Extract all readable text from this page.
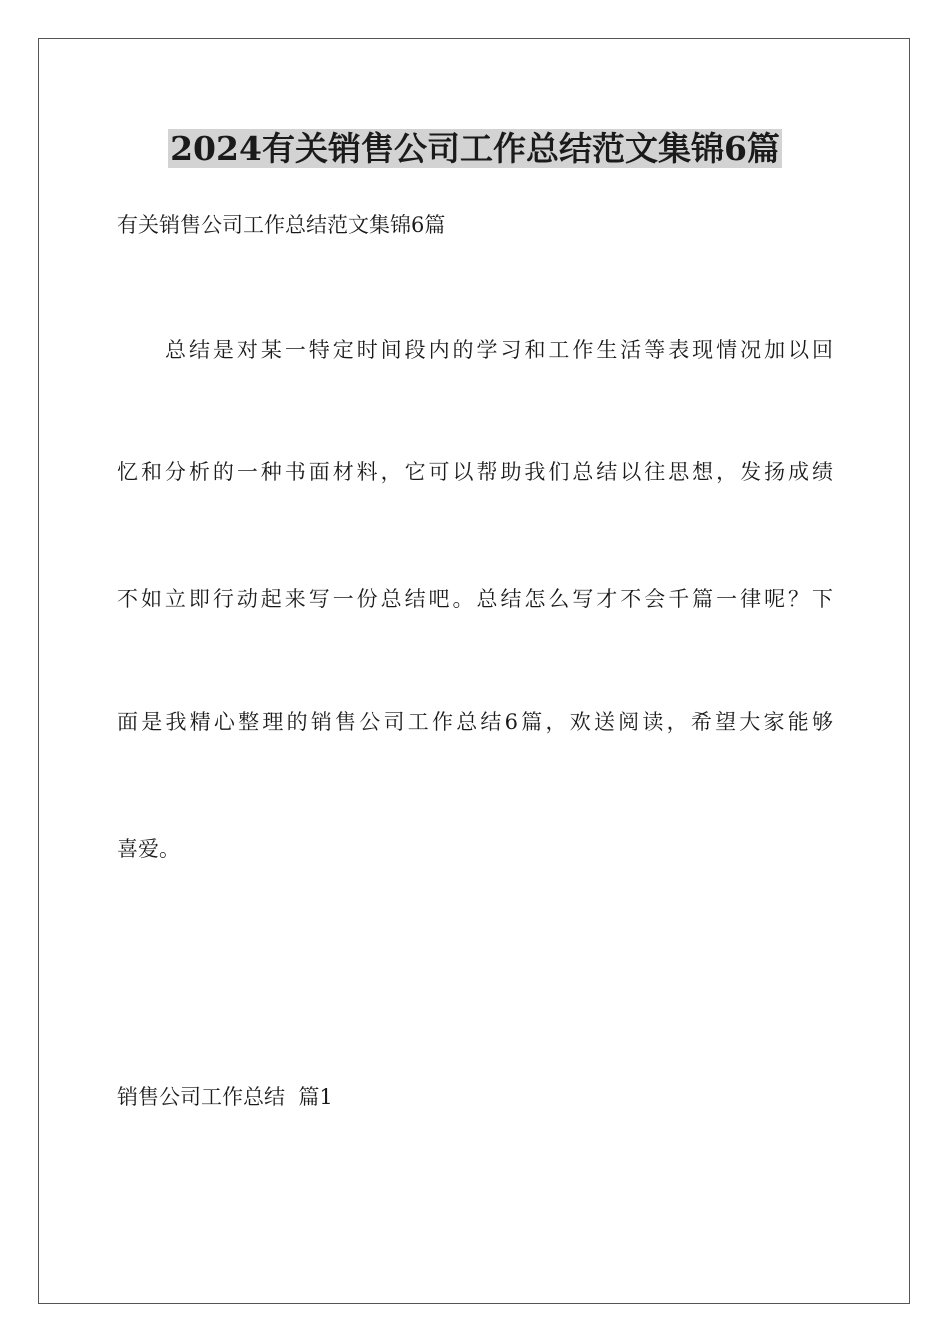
2024有关销售公司工作总结范文集锦6篇
有关销售公司工作总结范文集锦6篇
总结是对某一特定时间段内的学习和工作生活等表现情况加以回
忆和分析的一种书面材料，它可以帮助我们总结以往思想，发扬成绩
不如立即行动起来写一份总结吧。总结怎么写才不会千篇一律呢？下
面是我精心整理的销售公司工作总结6篇，欢送阅读，希望大家能够
喜爱。
销售公司工作总结  篇1
